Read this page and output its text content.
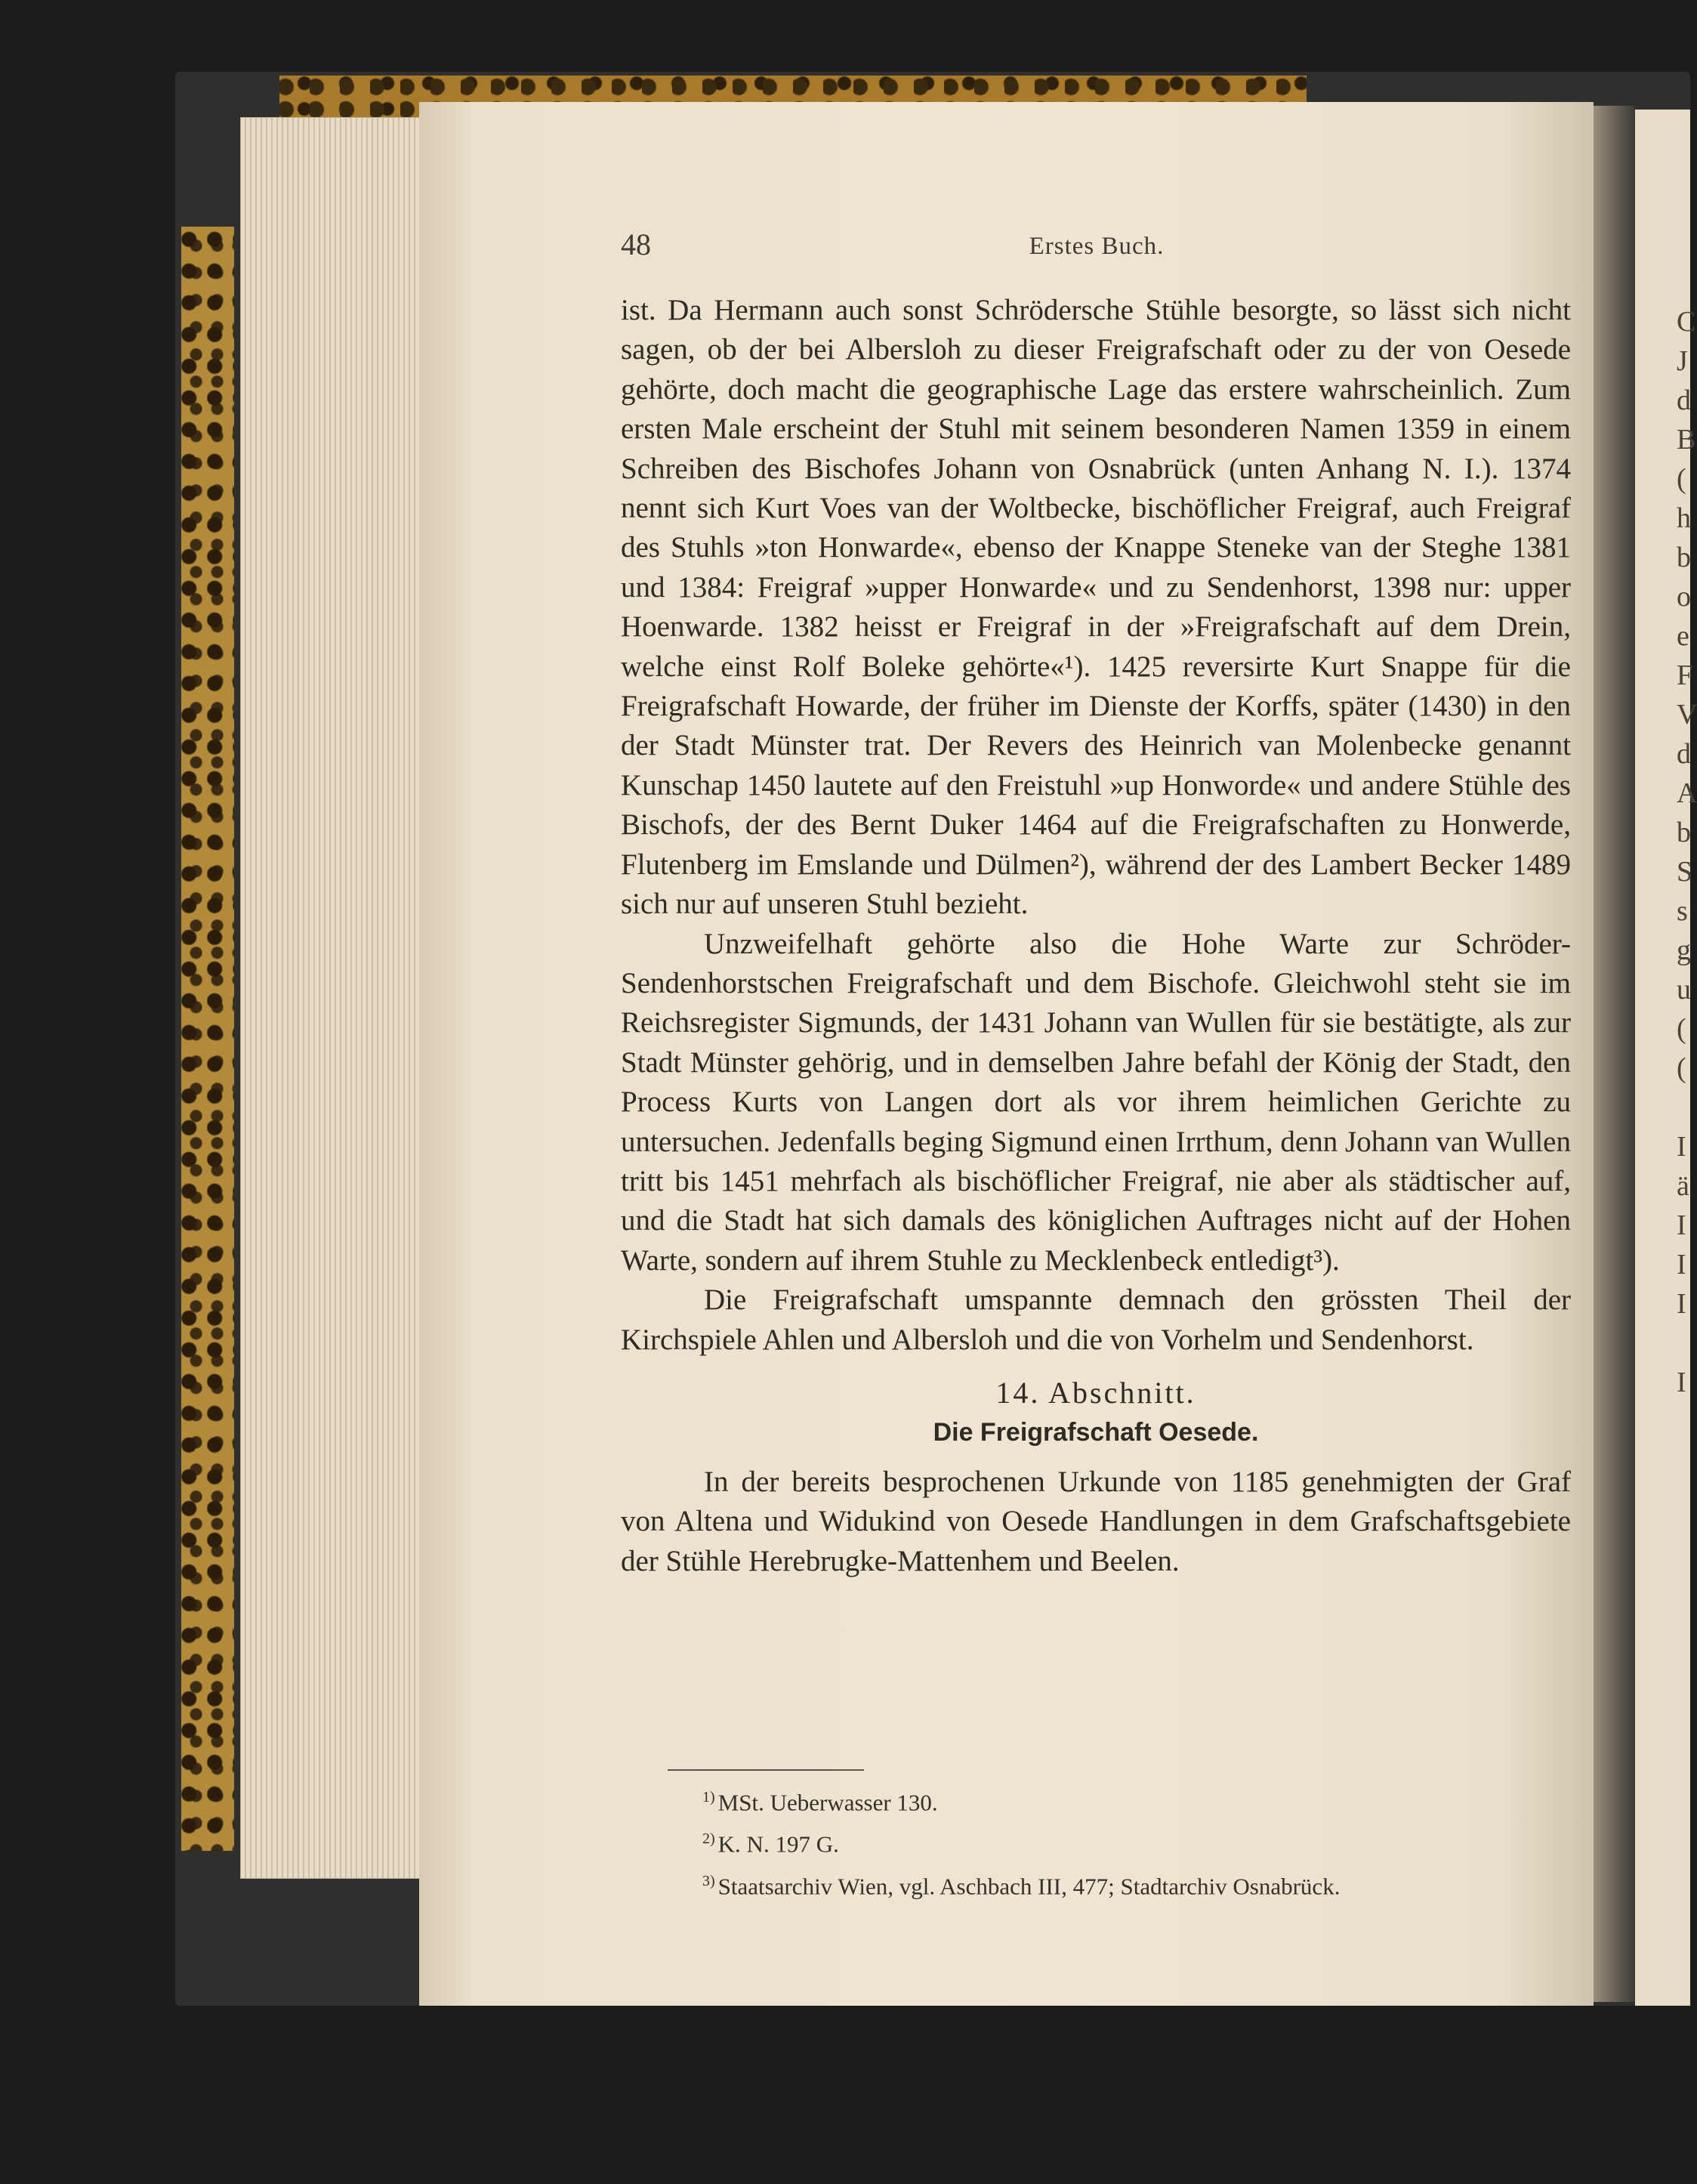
C
J
d
B
(
h
b
o
e
F
V
d
A
b
S
s
g
u
(
(

I
ä
I
I
I

I
48	Erstes Buch.

ist. Da Hermann auch sonst Schrödersche Stühle besorgte, so lässt sich nicht sagen, ob der bei Albersloh zu dieser Freigrafschaft oder zu der von Oesede gehörte, doch macht die geographische Lage das erstere wahrscheinlich. Zum ersten Male erscheint der Stuhl mit seinem besonderen Namen 1359 in einem Schreiben des Bischofes Johann von Osnabrück (unten Anhang N. I.). 1374 nennt sich Kurt Voes van der Woltbecke, bischöflicher Freigraf, auch Freigraf des Stuhls »ton Honwarde«, ebenso der Knappe Steneke van der Steghe 1381 und 1384: Freigraf »upper Honwarde« und zu Sendenhorst, 1398 nur: upper Hoenwarde. 1382 heisst er Freigraf in der »Freigrafschaft auf dem Drein, welche einst Rolf Boleke gehörte«¹). 1425 reversirte Kurt Snappe für die Freigrafschaft Howarde, der früher im Dienste der Korffs, später (1430) in den der Stadt Münster trat. Der Revers des Heinrich van Molenbecke genannt Kunschap 1450 lautete auf den Freistuhl »up Honworde« und andere Stühle des Bischofs, der des Bernt Duker 1464 auf die Freigrafschaften zu Honwerde, Flutenberg im Emslande und Dülmen²), während der des Lambert Becker 1489 sich nur auf unseren Stuhl bezieht.

Unzweifelhaft gehörte also die Hohe Warte zur Schröder-Sendenhorstschen Freigrafschaft und dem Bischofe. Gleichwohl steht sie im Reichsregister Sigmunds, der 1431 Johann van Wullen für sie bestätigte, als zur Stadt Münster gehörig, und in demselben Jahre befahl der König der Stadt, den Process Kurts von Langen dort als vor ihrem heimlichen Gerichte zu untersuchen. Jedenfalls beging Sigmund einen Irrthum, denn Johann van Wullen tritt bis 1451 mehrfach als bischöflicher Freigraf, nie aber als städtischer auf, und die Stadt hat sich damals des königlichen Auftrages nicht auf der Hohen Warte, sondern auf ihrem Stuhle zu Mecklenbeck entledigt³).

Die Freigrafschaft umspannte demnach den grössten Theil der Kirchspiele Ahlen und Albersloh und die von Vorhelm und Sendenhorst.

14. Abschnitt.
Die Freigrafschaft Oesede.

In der bereits besprochenen Urkunde von 1185 genehmigten der Graf von Altena und Widukind von Oesede Handlungen in dem Grafschaftsgebiete der Stühle Herebrugke-Mattenhem und Beelen.

$^{1)}$ MSt. Ueberwasser 130.
$^{2)}$ K. N. 197 G.
$^{3)}$ Staatsarchiv Wien, vgl. Aschbach III, 477; Stadtarchiv Osnabrück.
